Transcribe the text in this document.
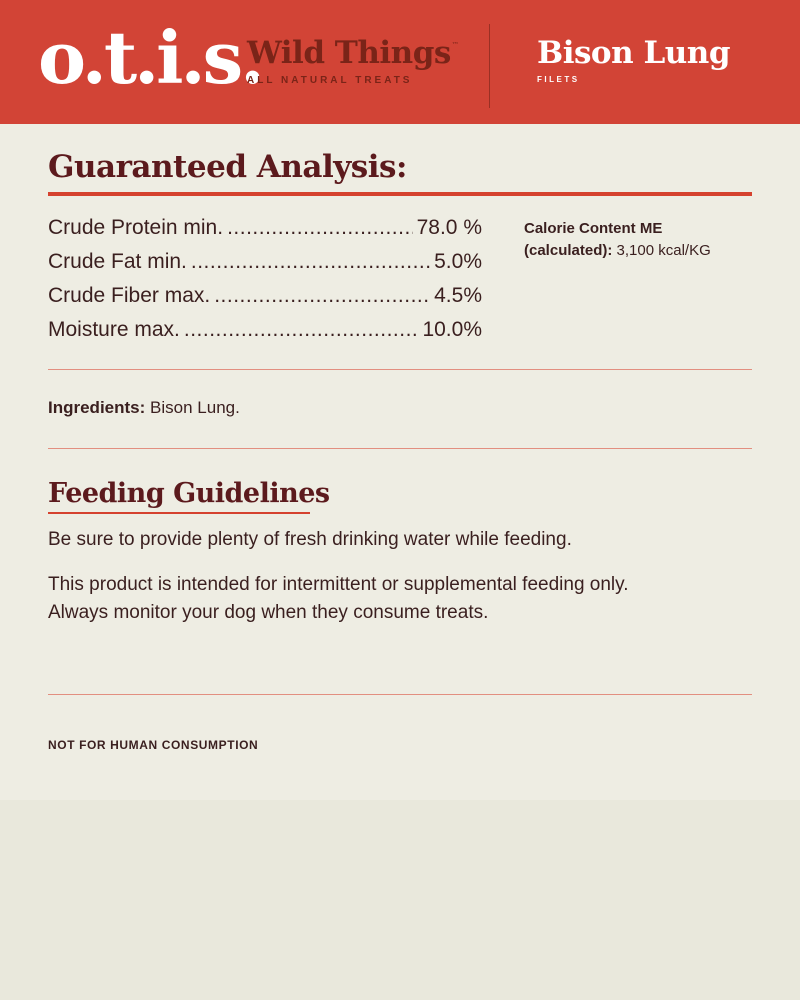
o.t.i.s.
Wild Things™
ALL NATURAL TREATS
Bison Lung
FILETS
Guaranteed Analysis:
Crude Protein min. .....	78.0 %
Crude Fat min. .....	5.0%
Crude Fiber max. .....	4.5%
Moisture max. .....	10.0%
Calorie Content ME
(calculated): 3,100 kcal/KG
Ingredients: Bison Lung.
Feeding Guidelines
Be sure to provide plenty of fresh drinking water while feeding.
This product is intended for intermittent or supplemental feeding only.
Always monitor your dog when they consume treats.
NOT FOR HUMAN CONSUMPTION
